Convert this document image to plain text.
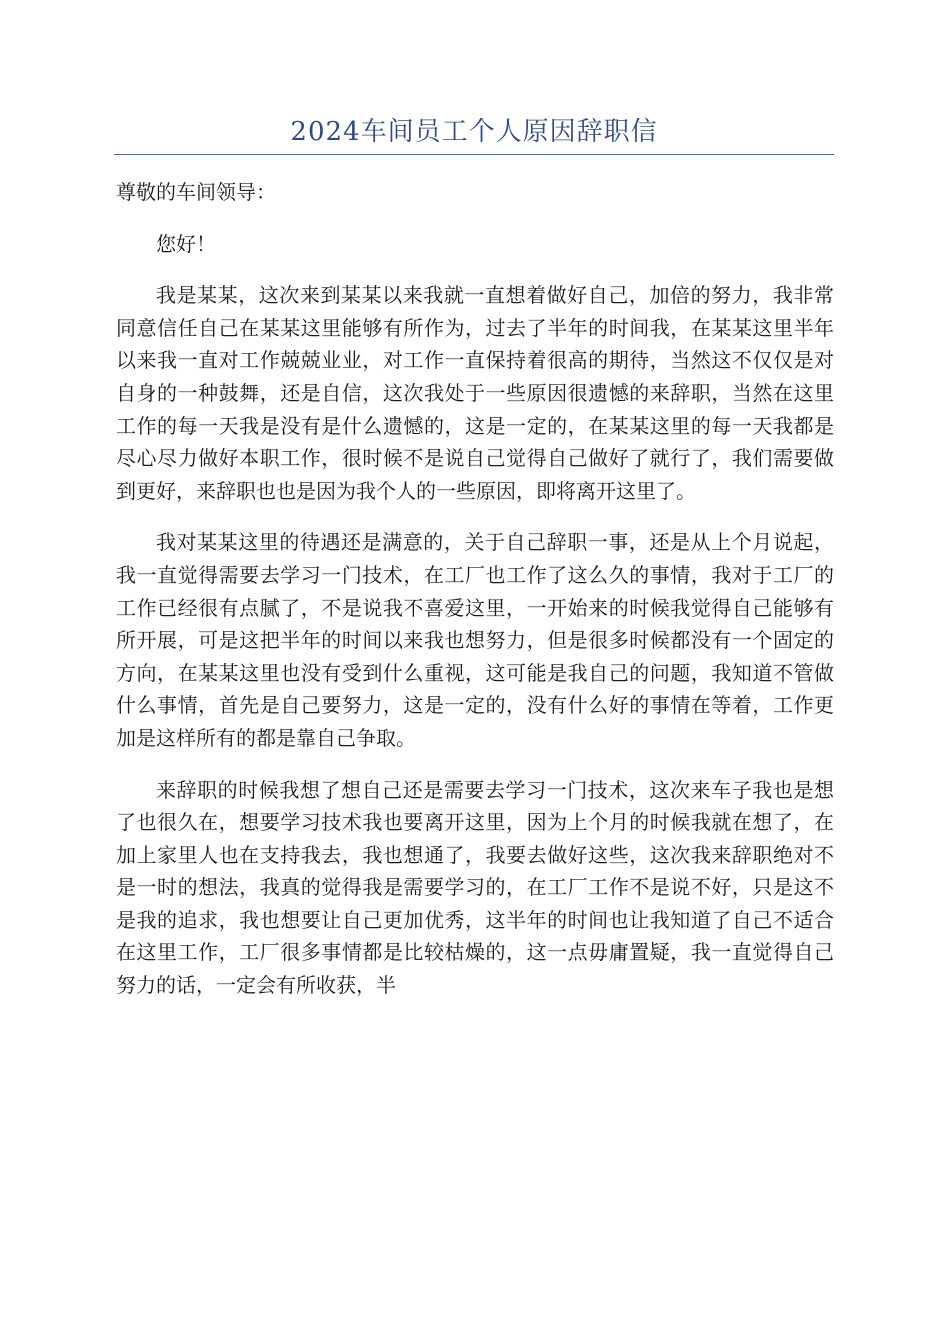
2024车间员工个人原因辞职信

尊敬的车间领导：

您好！

我是某某，这次来到某某以来我就一直想着做好自己，加倍的努力，我非常同意信任自己在某某这里能够有所作为，过去了半年的时间我，在某某这里半年以来我一直对工作兢兢业业，对工作一直保持着很高的期待，当然这不仅仅是对自身的一种鼓舞，还是自信，这次我处于一些原因很遗憾的来辞职，当然在这里工作的每一天我是没有是什么遗憾的，这是一定的，在某某这里的每一天我都是尽心尽力做好本职工作，很时候不是说自己觉得自己做好了就行了，我们需要做到更好，来辞职也也是因为我个人的一些原因，即将离开这里了。

我对某某这里的待遇还是满意的，关于自己辞职一事，还是从上个月说起，我一直觉得需要去学习一门技术，在工厂也工作了这么久的事情，我对于工厂的工作已经很有点腻了，不是说我不喜爱这里，一开始来的时候我觉得自己能够有所开展，可是这把半年的时间以来我也想努力，但是很多时候都没有一个固定的方向，在某某这里也没有受到什么重视，这可能是我自己的问题，我知道不管做什么事情，首先是自己要努力，这是一定的，没有什么好的事情在等着，工作更加是这样所有的都是靠自己争取。

来辞职的时候我想了想自己还是需要去学习一门技术，这次来车子我也是想了也很久在，想要学习技术我也要离开这里，因为上个月的时候我就在想了，在加上家里人也在支持我去，我也想通了，我要去做好这些，这次我来辞职绝对不是一时的想法，我真的觉得我是需要学习的，在工厂工作不是说不好，只是这不是我的追求，我也想要让自己更加优秀，这半年的时间也让我知道了自己不适合在这里工作，工厂很多事情都是比较枯燥的，这一点毋庸置疑，我一直觉得自己努力的话，一定会有所收获，半
